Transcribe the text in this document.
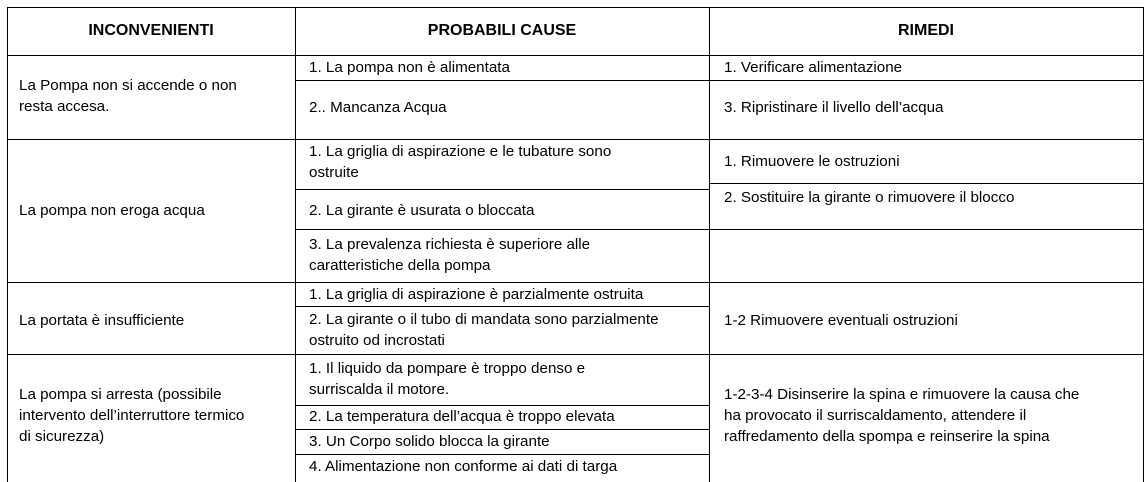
INCONVENIENTI	PROBABILI CAUSE	RIMEDI
La Pompa non si accende o non
resta accesa.
1. La pompa non è alimentata
2.. Mancanza Acqua
1. Verificare alimentazione
3. Ripristinare il livello dell’acqua
La pompa non eroga acqua
1. La griglia di aspirazione e le tubature sono
ostruite
2. La girante è usurata o bloccata
3. La prevalenza richiesta è superiore alle
caratteristiche della pompa
1. Rimuovere le ostruzioni
2. Sostituire la girante o rimuovere il blocco
La portata è insufficiente
1. La griglia di aspirazione è parzialmente ostruita
2. La girante o il tubo di mandata sono parzialmente
ostruito od incrostati
1-2 Rimuovere eventuali ostruzioni
La pompa si arresta (possibile
intervento dell’interruttore termico
di sicurezza)
1. Il liquido da pompare è troppo denso e
surriscalda il motore.
2. La temperatura dell’acqua è troppo elevata
3. Un Corpo solido blocca la girante
4. Alimentazione non conforme ai dati di targa
1-2-3-4 Disinserire la spina e rimuovere la causa che
ha provocato il surriscaldamento, attendere il
raffredamento della spompa e reinserire la spina
